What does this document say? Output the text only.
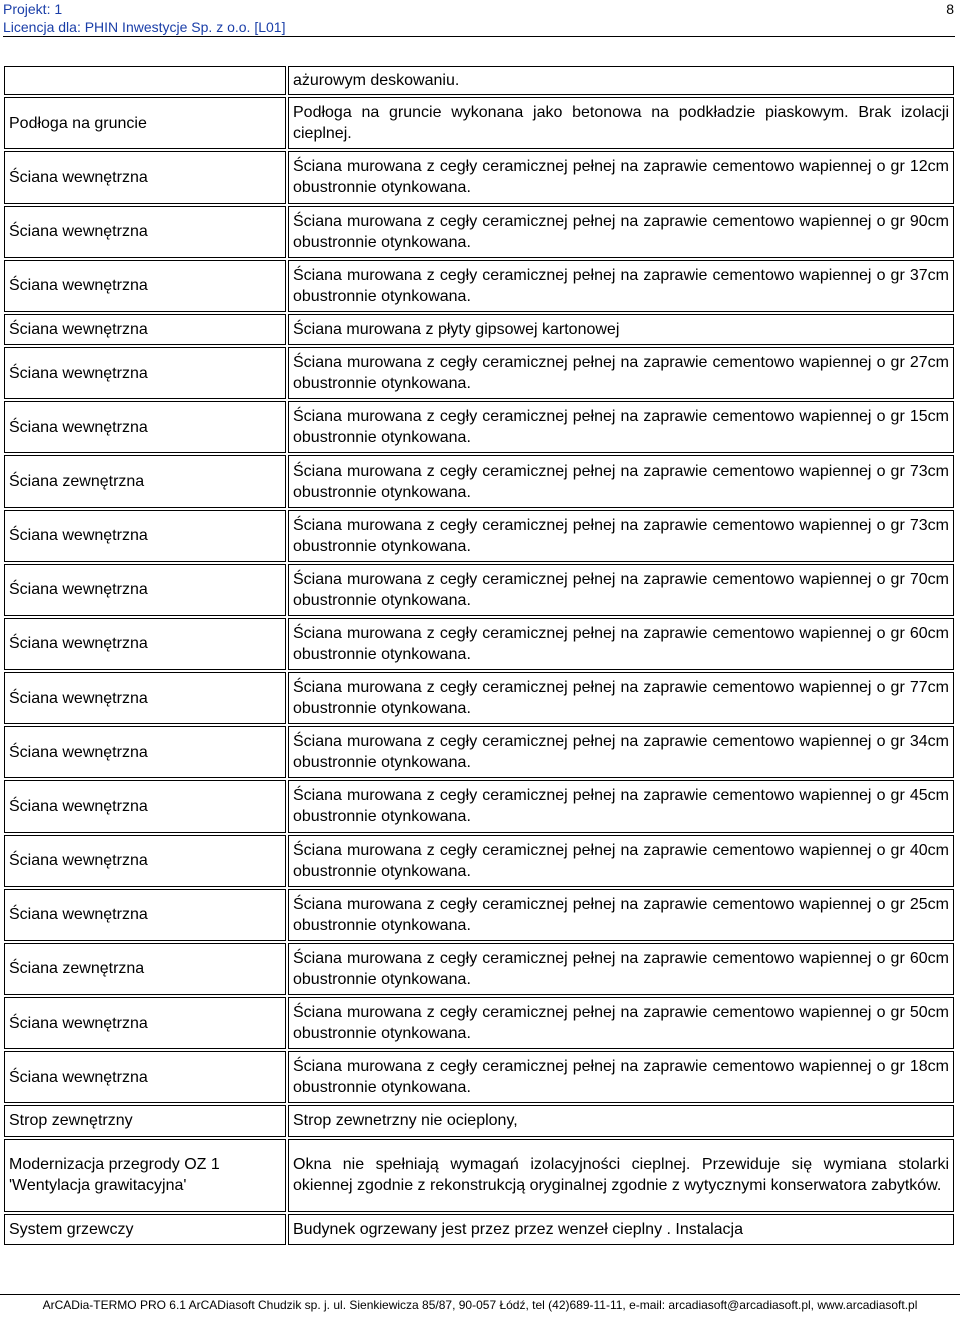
Projekt: 1
Licencja dla: PHIN Inwestycje Sp. z o.o. [L01]
8
	ażurowym deskowaniu.
Podłoga na gruncie	Podłoga na gruncie wykonana jako betonowa na podkładzie piaskowym. Brak izolacji cieplnej.
Ściana wewnętrzna	Ściana murowana z cegły ceramicznej pełnej na zaprawie cementowo wapiennej o gr 12cm obustronnie otynkowana.
Ściana wewnętrzna	Ściana murowana z cegły ceramicznej pełnej na zaprawie cementowo wapiennej o gr 90cm obustronnie otynkowana.
Ściana wewnętrzna	Ściana murowana z cegły ceramicznej pełnej na zaprawie cementowo wapiennej o gr 37cm obustronnie otynkowana.
Ściana wewnętrzna	Ściana murowana z płyty gipsowej kartonowej
Ściana wewnętrzna	Ściana murowana z cegły ceramicznej pełnej na zaprawie cementowo wapiennej o gr 27cm obustronnie otynkowana.
Ściana wewnętrzna	Ściana murowana z cegły ceramicznej pełnej na zaprawie cementowo wapiennej o gr 15cm obustronnie otynkowana.
Ściana zewnętrzna	Ściana murowana z cegły ceramicznej pełnej na zaprawie cementowo wapiennej o gr 73cm obustronnie otynkowana.
Ściana wewnętrzna	Ściana murowana z cegły ceramicznej pełnej na zaprawie cementowo wapiennej o gr 73cm obustronnie otynkowana.
Ściana wewnętrzna	Ściana murowana z cegły ceramicznej pełnej na zaprawie cementowo wapiennej o gr 70cm obustronnie otynkowana.
Ściana wewnętrzna	Ściana murowana z cegły ceramicznej pełnej na zaprawie cementowo wapiennej o gr 60cm obustronnie otynkowana.
Ściana wewnętrzna	Ściana murowana z cegły ceramicznej pełnej na zaprawie cementowo wapiennej o gr 77cm obustronnie otynkowana.
Ściana wewnętrzna	Ściana murowana z cegły ceramicznej pełnej na zaprawie cementowo wapiennej o gr 34cm obustronnie otynkowana.
Ściana wewnętrzna	Ściana murowana z cegły ceramicznej pełnej na zaprawie cementowo wapiennej o gr 45cm obustronnie otynkowana.
Ściana wewnętrzna	Ściana murowana z cegły ceramicznej pełnej na zaprawie cementowo wapiennej o gr 40cm obustronnie otynkowana.
Ściana wewnętrzna	Ściana murowana z cegły ceramicznej pełnej na zaprawie cementowo wapiennej o gr 25cm obustronnie otynkowana.
Ściana zewnętrzna	Ściana murowana z cegły ceramicznej pełnej na zaprawie cementowo wapiennej o gr 60cm obustronnie otynkowana.
Ściana wewnętrzna	Ściana murowana z cegły ceramicznej pełnej na zaprawie cementowo wapiennej o gr 50cm obustronnie otynkowana.
Ściana wewnętrzna	Ściana murowana z cegły ceramicznej pełnej na zaprawie cementowo wapiennej o gr 18cm obustronnie otynkowana.
Strop zewnętrzny	Strop zewnetrzny nie ocieplony,
Modernizacja przegrody OZ 1 'Wentylacja grawitacyjna'	Okna nie spełniają wymagań izolacyjności cieplnej. Przewiduje się wymiana stolarki okiennej zgodnie z rekonstrukcją oryginalnej zgodnie z wytycznymi konserwatora zabytków.
System grzewczy	Budynek ogrzewany jest przez przez wenzeł cieplny . Instalacja
ArCADia-TERMO PRO 6.1 ArCADiasoft Chudzik sp. j. ul. Sienkiewicza 85/87, 90-057 Łódź, tel (42)689-11-11, e-mail: arcadiasoft@arcadiasoft.pl, www.arcadiasoft.pl
